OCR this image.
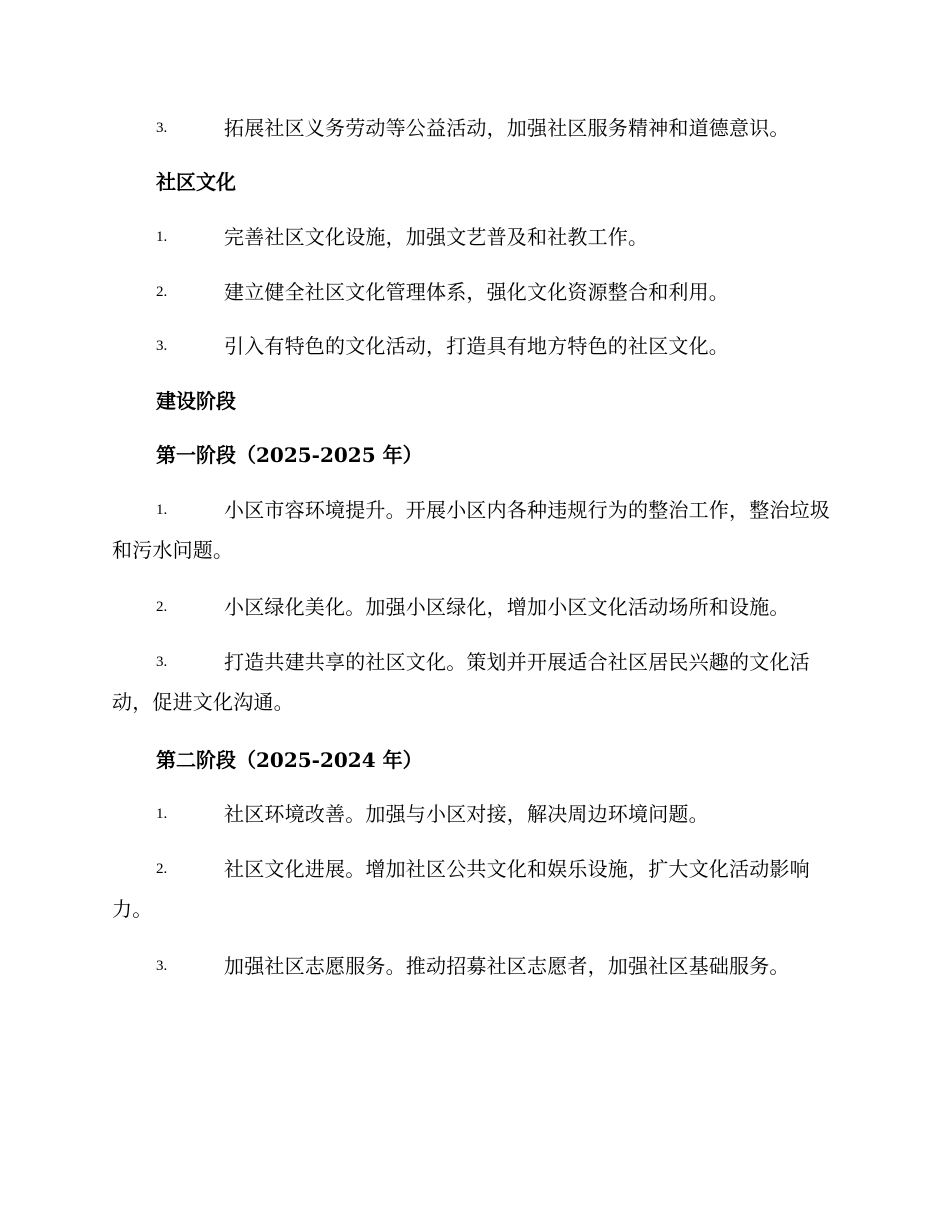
3.	拓展社区义务劳动等公益活动，加强社区服务精神和道德意识。
社区文化
1.	完善社区文化设施，加强文艺普及和社教工作。
2.	建立健全社区文化管理体系，强化文化资源整合和利用。
3.	引入有特色的文化活动，打造具有地方特色的社区文化。
建设阶段
第一阶段（2025-2025 年）
1.	小区市容环境提升。开展小区内各种违规行为的整治工作，整治垃圾和污水问题。
2.	小区绿化美化。加强小区绿化，增加小区文化活动场所和设施。
3.	打造共建共享的社区文化。策划并开展适合社区居民兴趣的文化活动，促进文化沟通。
第二阶段（2025-2024 年）
1.	社区环境改善。加强与小区对接，解决周边环境问题。
2.	社区文化进展。增加社区公共文化和娱乐设施，扩大文化活动影响力。
3.	加强社区志愿服务。推动招募社区志愿者，加强社区基础服务。
